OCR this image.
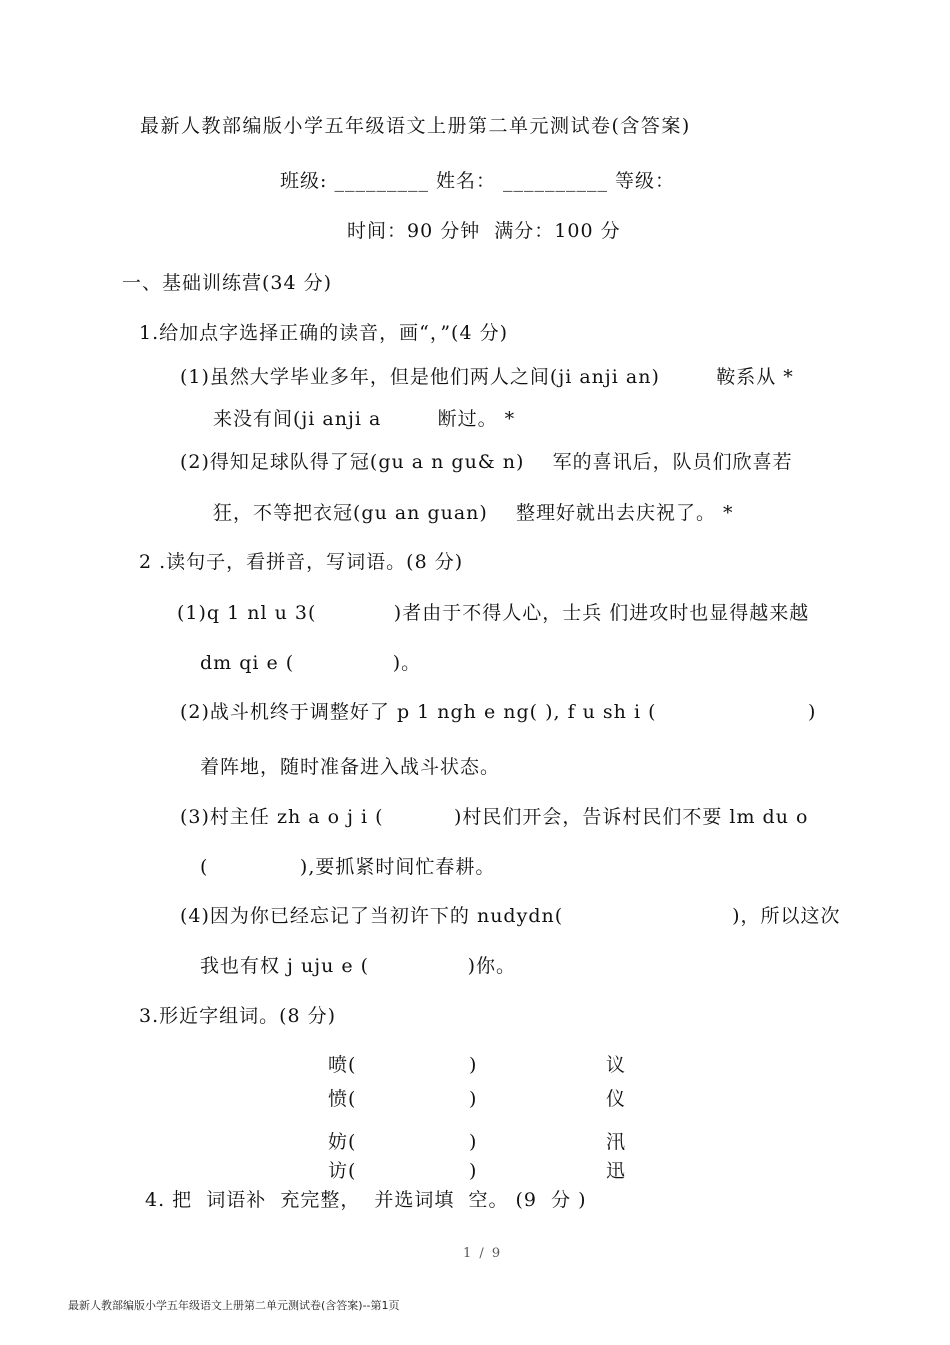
最新人教部编版小学五年级语文上册第二单元测试卷(含答案)
班级: _________ 姓名： __________ 等级：
时间：90 分钟  满分：100 分
一、基础训练营(34 分)
1.给加点字选择正确的读音，画“，”(4 分)
(1)虽然大学毕业多年，但是他们两人之间(ji anji an)        鞍系从 *
来没有间(ji anji a        断过。 *
(2)得知足球队得了冠(gu a n gu& n)    军的喜讯后，队员们欣喜若
狂，不等把衣冠(gu an guan)    整理好就出去庆祝了。 *
2 .读句子，看拼音，写词语。(8 分)
(1)q 1 nl u 3(           )者由于不得人心，士兵 们进攻时也显得越来越
dm qi e (              )。
(2)战斗机终于调整好了 p 1 ngh e ng( ), f u sh i (	)
着阵地，随时准备进入战斗状态。
(3)村主任 zh a o j i (          )村民们开会，告诉村民们不要 lm du o
(             ),要抓紧时间忙春耕。
(4)因为你已经忘记了当初许下的 nudydn(                        )，所以这次
我也有权 j uju e (              )你。
3.形近字组词。(8 分)
喷(                )	议
愤(                )	仪
妨(                )	汛
访(                )	迅
4. 把  词语补  充完整，  并选词填  空。 (9  分 )
1 / 9
最新人教部编版小学五年级语文上册第二单元测试卷(含答案)--第1页
